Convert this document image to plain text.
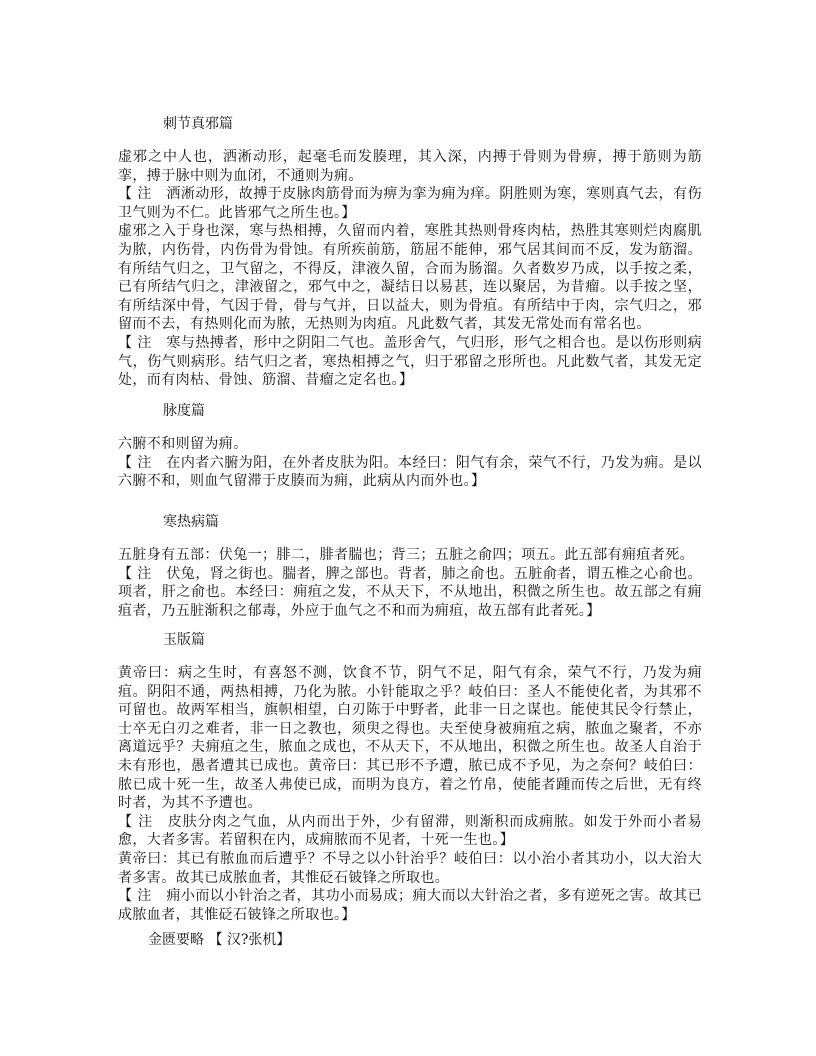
刺节真邪篇

虚邪之中人也，洒淅动形，起毫毛而发腠理，其入深，内搏于骨则为骨痹，搏于筋则为筋挛，搏于脉中则为血闭，不通则为痈。

【 注　洒淅动形，故搏于皮脉肉筋骨而为痹为挛为痈为痒。阴胜则为寒，寒则真气去，有伤卫气则为不仁。此皆邪气之所生也。】

虚邪之入于身也深，寒与热相搏，久留而内着，寒胜其热则骨疼肉枯，热胜其寒则烂肉腐肌为脓，内伤骨，内伤骨为骨蚀。有所疾前筋，筋屈不能伸，邪气居其间而不反，发为筋溜。有所结气归之，卫气留之，不得反，津液久留，合而为肠溜。久者数岁乃成，以手按之柔，已有所结气归之，津液留之，邪气中之，凝结日以易甚，连以聚居，为昔瘤。以手按之坚，有所结深中骨，气因于骨，骨与气并，日以益大，则为骨疽。有所结中于肉，宗气归之，邪留而不去，有热则化而为脓，无热则为肉疽。凡此数气者，其发无常处而有常名也。

【 注　寒与热搏者，形中之阴阳二气也。盖形舍气，气归形，形气之相合也。是以伤形则病气，伤气则病形。结气归之者，寒热相搏之气，归于邪留之形所也。凡此数气者，其发无定处，而有肉枯、骨蚀、筋溜、昔瘤之定名也。】

脉度篇

六腑不和则留为痈。

【 注　在内者六腑为阳，在外者皮肤为阳。本经曰：阳气有余，荣气不行，乃发为痈。是以六腑不和，则血气留滞于皮腠而为痈，此病从内而外也。】

寒热病篇

五脏身有五部：伏兔一；腓二，腓者腨也；背三；五脏之俞四；项五。此五部有痈疽者死。

【 注　伏兔，肾之街也。腨者，脾之部也。背者，肺之俞也。五脏俞者，谓五椎之心俞也。项者，肝之俞也。本经曰：痈疽之发，不从天下，不从地出，积微之所生也。故五部之有痈疽者，乃五脏渐积之郁毒，外应于血气之不和而为痈疽，故五部有此者死。】

玉版篇

黄帝曰：病之生时，有喜怒不测，饮食不节，阴气不足，阳气有余，荣气不行，乃发为痈疽。阴阳不通，两热相搏，乃化为脓。小针能取之乎？岐伯曰：圣人不能使化者，为其邪不可留也。故两军相当，旗帜相望，白刃陈于中野者，此非一日之谋也。能使其民令行禁止，士卒无白刃之难者，非一日之教也，须臾之得也。夫至使身被痈疽之病，脓血之聚者，不亦离道远乎？夫痈疽之生，脓血之成也，不从天下，不从地出，积微之所生也。故圣人自治于未有形也，愚者遭其已成也。黄帝曰：其已形不予遭，脓已成不予见，为之奈何？岐伯曰：脓已成十死一生，故圣人弗使已成，而明为良方，着之竹帛，使能者踵而传之后世，无有终时者，为其不予遭也。

【 注　皮肤分肉之气血，从内而出于外，少有留滞，则渐积而成痈脓。如发于外而小者易愈，大者多害。若留积在内，成痈脓而不见者，十死一生也。】

黄帝曰：其已有脓血而后遭乎？不导之以小针治乎？岐伯曰：以小治小者其功小，以大治大者多害。故其已成脓血者，其惟砭石铍锋之所取也。

【 注　痈小而以小针治之者，其功小而易成；痈大而以大针治之者，多有逆死之害。故其已成脓血者，其惟砭石铍锋之所取也。】

金匮要略 【 汉?张机】
